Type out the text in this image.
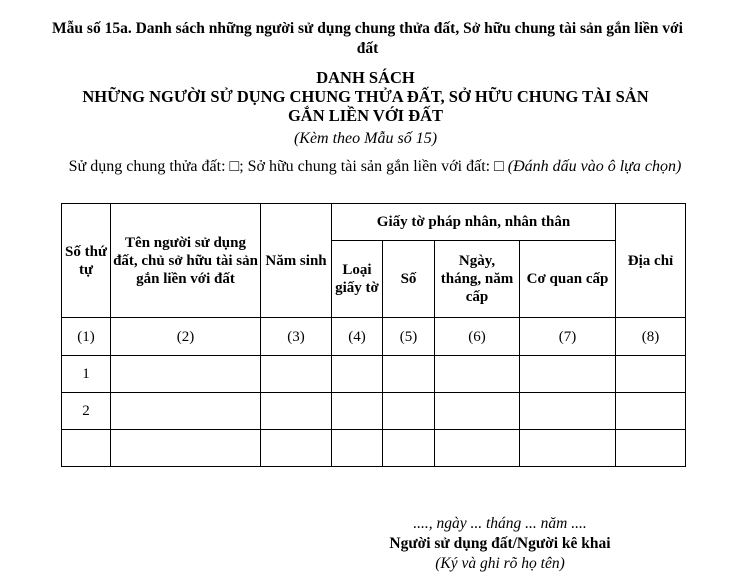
Mẫu số 15a. Danh sách những người sử dụng chung thửa đất, Sở hữu chung tài sản gắn liền với đất
DANH SÁCH
NHỮNG NGƯỜI SỬ DỤNG CHUNG THỬA ĐẤT, SỞ HỮU CHUNG TÀI SẢN
GẮN LIỀN VỚI ĐẤT
(Kèm theo Mẫu số 15)
Sử dụng chung thửa đất: □; Sở hữu chung tài sản gắn liền với đất: □ (Đánh dấu vào ô lựa chọn)
Số thứ tự	Tên người sử dụng đất, chủ sở hữu tài sản gắn liền với đất	Năm sinh	Giấy tờ pháp nhân, nhân thân				Địa chỉ
			Loại giấy tờ	Số	Ngày, tháng, năm cấp	Cơ quan cấp	
(1)	(2)	(3)	(4)	(5)	(6)	(7)	(8)
1							
2							

...., ngày ... tháng ... năm ....
Người sử dụng đất/Người kê khai
(Ký và ghi rõ họ tên)
